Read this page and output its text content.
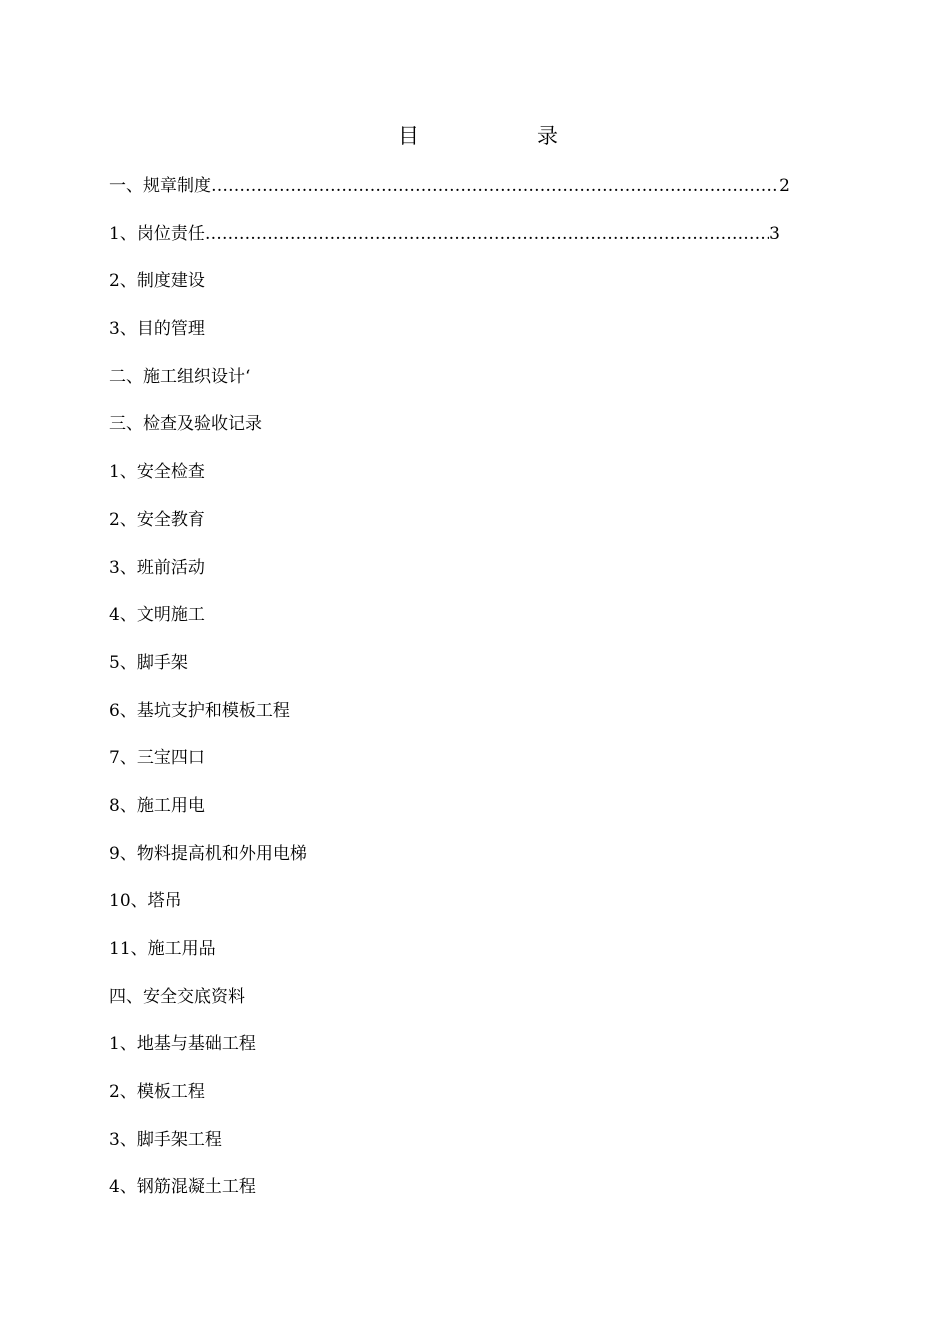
目	录
一、规章制度 …………………………………………………………………………………………………………………………………………	2
1、岗位责任 …………………………………………………………………………………………………………………………………………	3
2、制度建设
3、目的管理
二、施工组织设计‘
三、检查及验收记录
1、安全检查
2、安全教育
3、班前活动
4、文明施工
5、脚手架
6、基坑支护和模板工程
7、三宝四口
8、施工用电
9、物料提高机和外用电梯
10、塔吊
11、施工用品
四、安全交底资料
1、地基与基础工程
2、模板工程
3、脚手架工程
4、钢筋混凝土工程
